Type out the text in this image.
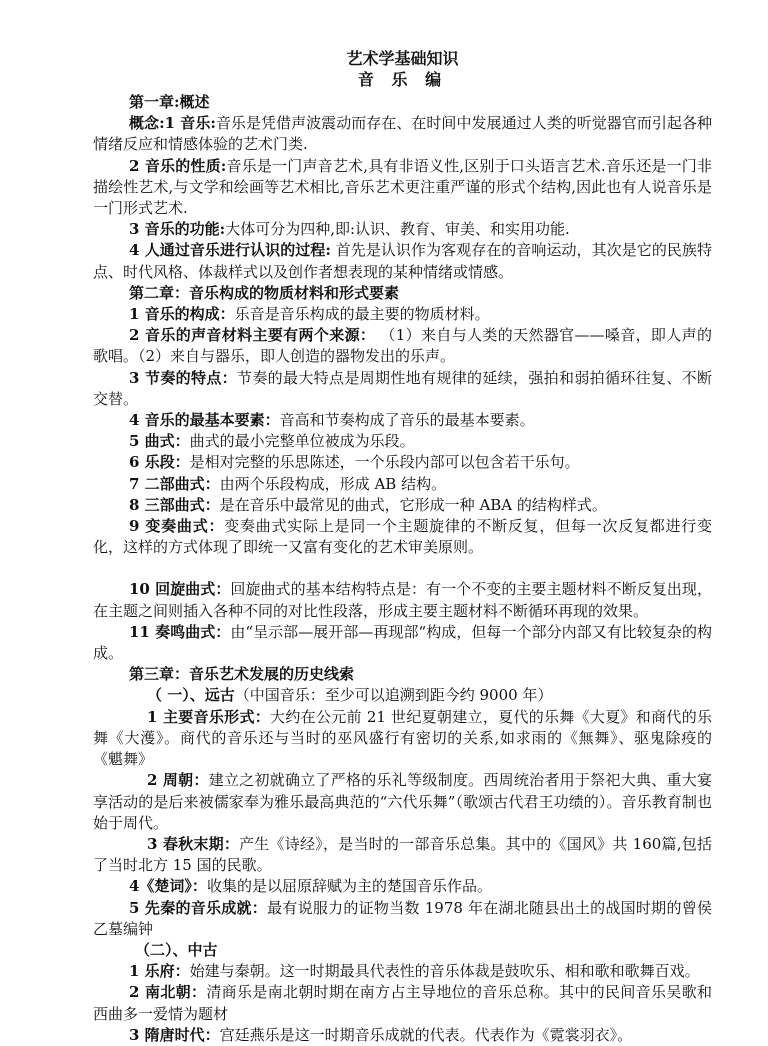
艺术学基础知识
音 乐 编

第一章:概述

概念:1 音乐:音乐是凭借声波震动而存在、在时间中发展通过人类的听觉器官而引起各种情绪反应和情感体验的艺术门类.

2 音乐的性质:音乐是一门声音艺术,具有非语义性,区别于口头语言艺术.音乐还是一门非描绘性艺术,与文学和绘画等艺术相比,音乐艺术更注重严谨的形式个结构,因此也有人说音乐是一门形式艺术.

3 音乐的功能:大体可分为四种,即:认识、教育、审美、和实用功能.

4 人通过音乐进行认识的过程: 首先是认识作为客观存在的音响运动，其次是它的民族特点、时代风格、体裁样式以及创作者想表现的某种情绪或情感。

第二章：音乐构成的物质材料和形式要素

1 音乐的构成：乐音是音乐构成的最主要的物质材料。

2 音乐的声音材料主要有两个来源： （1）来自与人类的天然器官——嗓音，即人声的歌唱。（2）来自与器乐，即人创造的器物发出的乐声。

3 节奏的特点：节奏的最大特点是周期性地有规律的延续，强拍和弱拍循环往复、不断交替。

4 音乐的最基本要素：音高和节奏构成了音乐的最基本要素。

5 曲式：曲式的最小完整单位被成为乐段。

6 乐段：是相对完整的乐思陈述，一个乐段内部可以包含若干乐句。

7 二部曲式：由两个乐段构成，形成 AB 结构。

8 三部曲式：是在音乐中最常见的曲式，它形成一种 ABA 的结构样式。

9 变奏曲式：变奏曲式实际上是同一个主题旋律的不断反复，但每一次反复都进行变化，这样的方式体现了即统一又富有变化的艺术审美原则。

10 回旋曲式：回旋曲式的基本结构特点是：有一个不变的主要主题材料不断反复出现，在主题之间则插入各种不同的对比性段落，形成主要主题材料不断循环再现的效果。

11 奏鸣曲式：由“呈示部—展开部—再现部“构成，但每一个部分内部又有比较复杂的构成。

第三章：音乐艺术发展的历史线索

（ 一）、远古（中国音乐：至少可以追溯到距今约 9000 年）

1 主要音乐形式：大约在公元前 21 世纪夏朝建立，夏代的乐舞《大夏》和商代的乐舞《大濩》。商代的音乐还与当时的巫风盛行有密切的关系,如求雨的《無舞》、驱鬼除疫的《魌舞》

2 周朝：建立之初就确立了严格的乐礼等级制度。西周统治者用于祭祀大典、重大宴享活动的是后来被儒家奉为雅乐最高典范的“六代乐舞”（歌颂古代君王功绩的）。音乐教育制也始于周代。

3 春秋末期：产生《诗经》，是当时的一部音乐总集。其中的《国风》共 160篇,包括了当时北方 15 国的民歌。

4《楚词》：收集的是以屈原辞赋为主的楚国音乐作品。

5 先秦的音乐成就：最有说服力的证物当数 1978 年在湖北随县出土的战国时期的曾侯乙墓编钟

（二）、中古

1 乐府：始建与秦朝。这一时期最具代表性的音乐体裁是鼓吹乐、相和歌和歌舞百戏。

2 南北朝：清商乐是南北朝时期在南方占主导地位的音乐总称。其中的民间音乐吴歌和西曲多一爱情为题材

3 隋唐时代：宫廷燕乐是这一时期音乐成就的代表。代表作为《霓裳羽衣》。
